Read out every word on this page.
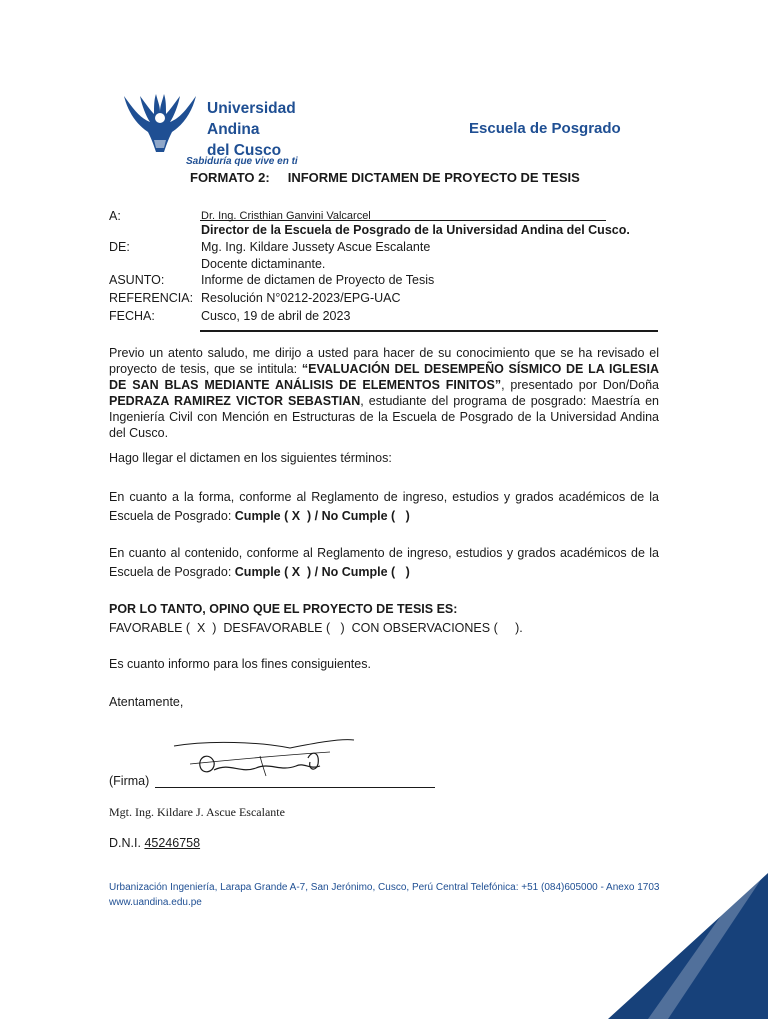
Universidad
Andina
del Cusco
Sabiduría que vive en ti
Escuela de Posgrado
FORMATO 2:     INFORME DICTAMEN DE PROYECTO DE TESIS
A:	Dr. Ing. Cristhian Ganvini Valcarcel
Director de la Escuela de Posgrado de la Universidad Andina del Cusco.
DE:	Mg. Ing. Kildare Jussety Ascue Escalante
Docente dictaminante.
ASUNTO:	Informe de dictamen de Proyecto de Tesis
REFERENCIA: Resolución N°0212-2023/EPG-UAC
FECHA:	Cusco, 19 de abril de 2023
Previo un atento saludo, me dirijo a usted para hacer de su conocimiento que se ha revisado el proyecto de tesis, que se intitula: “EVALUACIÓN DEL DESEMPEÑO SÍSMICO DE LA IGLESIA DE SAN BLAS MEDIANTE ANÁLISIS DE ELEMENTOS FINITOS”, presentado por Don/Doña PEDRAZA RAMIREZ VICTOR SEBASTIAN, estudiante del programa de posgrado: Maestría en Ingeniería Civil con Mención en Estructuras de la Escuela de Posgrado de la Universidad Andina del Cusco.
Hago llegar el dictamen en los siguientes términos:
En cuanto a la forma, conforme al Reglamento de ingreso, estudios y grados académicos de la Escuela de Posgrado: Cumple ( X  ) / No Cumple (   )
En cuanto al contenido, conforme al Reglamento de ingreso, estudios y grados académicos de la Escuela de Posgrado: Cumple ( X  ) / No Cumple (   )
POR LO TANTO, OPINO QUE EL PROYECTO DE TESIS ES:
FAVORABLE (  X  )  DESFAVORABLE (   )  CON OBSERVACIONES (     ).
Es cuanto informo para los fines consiguientes.
Atentamente,
(Firma)
Mgt. Ing. Kildare J. Ascue Escalante
D.N.I. 45246758
Urbanización Ingeniería, Larapa Grande A-7, San Jerónimo, Cusco, Perú Central Telefónica: +51 (084)605000 - Anexo 1703 www.uandina.edu.pe
